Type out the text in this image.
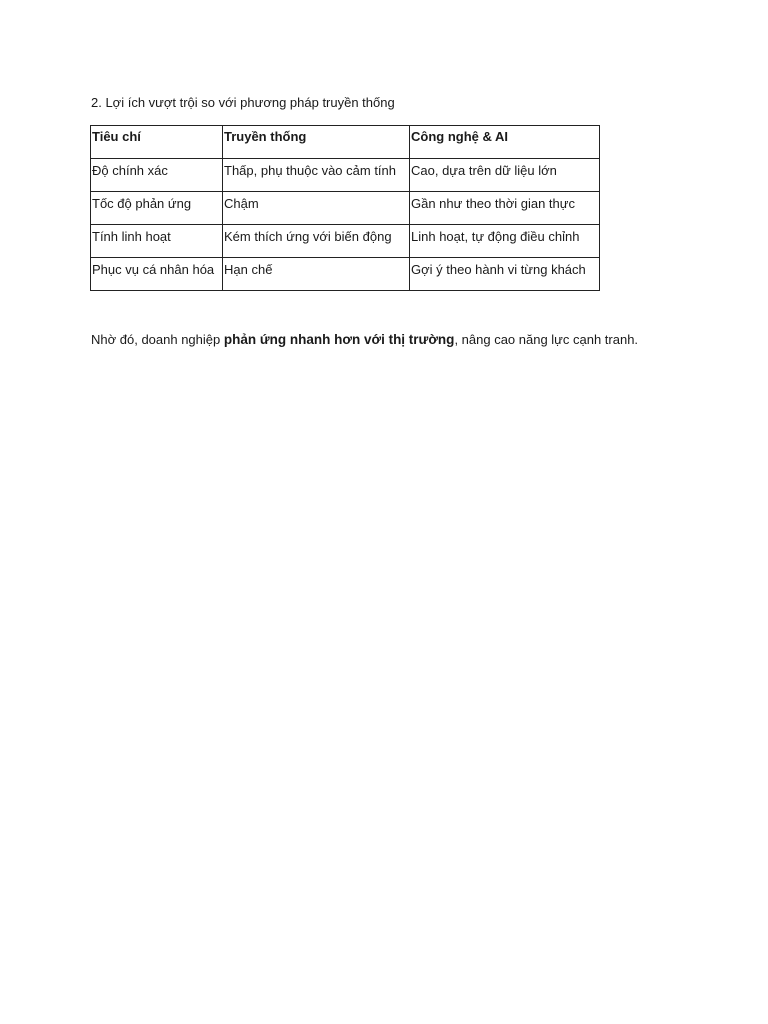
2. Lợi ích vượt trội so với phương pháp truyền thống
Tiêu chí	Truyền thống	Công nghệ & AI
Độ chính xác	Thấp, phụ thuộc vào cảm tính	Cao, dựa trên dữ liệu lớn
Tốc độ phản ứng	Chậm	Gần như theo thời gian thực
Tính linh hoạt	Kém thích ứng với biến động	Linh hoạt, tự động điều chỉnh
Phục vụ cá nhân hóa	Hạn chế	Gợi ý theo hành vi từng khách
Nhờ đó, doanh nghiệp phản ứng nhanh hơn với thị trường, nâng cao năng lực cạnh tranh.
